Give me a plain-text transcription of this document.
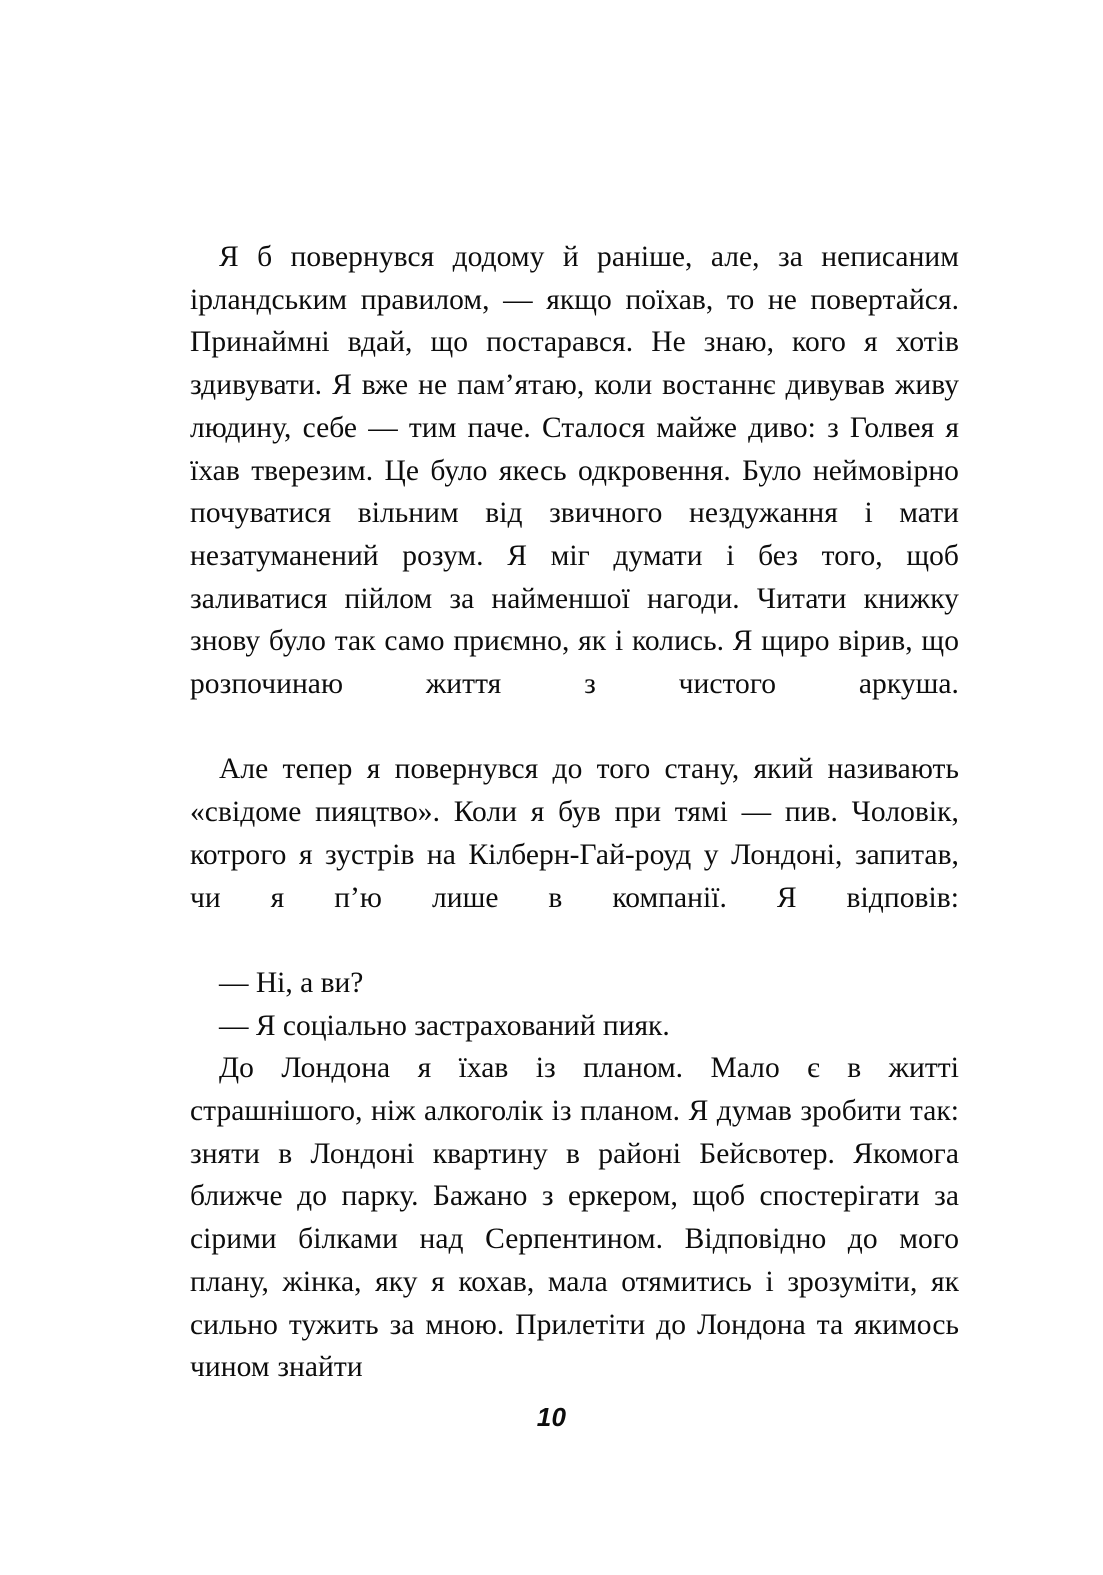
Я б повернувся додому й раніше, але, за неписаним ірландським правилом, — якщо поїхав, то не повертайся. Принаймні вдай, що постарався. Не знаю, кого я хотів здивувати. Я вже не пам’ятаю, коли востаннє дивував живу людину, себе — тим паче. Сталося майже диво: з Голвея я їхав тверезим. Це було якесь одкровення. Було неймовірно почуватися вільним від звичного нездужання і мати незатуманений розум. Я міг думати і без того, щоб заливатися пійлом за найменшої нагоди. Читати книжку знову було так само приємно, як і колись. Я щиро вірив, що розпочинаю життя з чистого аркуша.

Але тепер я повернувся до того стану, який називають «свідоме пияцтво». Коли я був при тямі — пив. Чоловік, котрого я зустрів на Кілберн-Гай-роуд у Лондоні, запитав, чи я п’ю лише в компанії. Я відповів:

— Ні, а ви?

— Я соціально застрахований пияк.

До Лондона я їхав із планом. Мало є в житті страшнішого, ніж алкоголік із планом. Я думав зробити так: зняти в Лондоні квартину в районі Бейсвотер. Якомога ближче до парку. Бажано з еркером, щоб спостерігати за сірими білками над Серпентином. Відповідно до мого плану, жінка, яку я кохав, мала отямитись і зрозуміти, як сильно тужить за мною. Прилетіти до Лондона та якимось чином знайти

10
